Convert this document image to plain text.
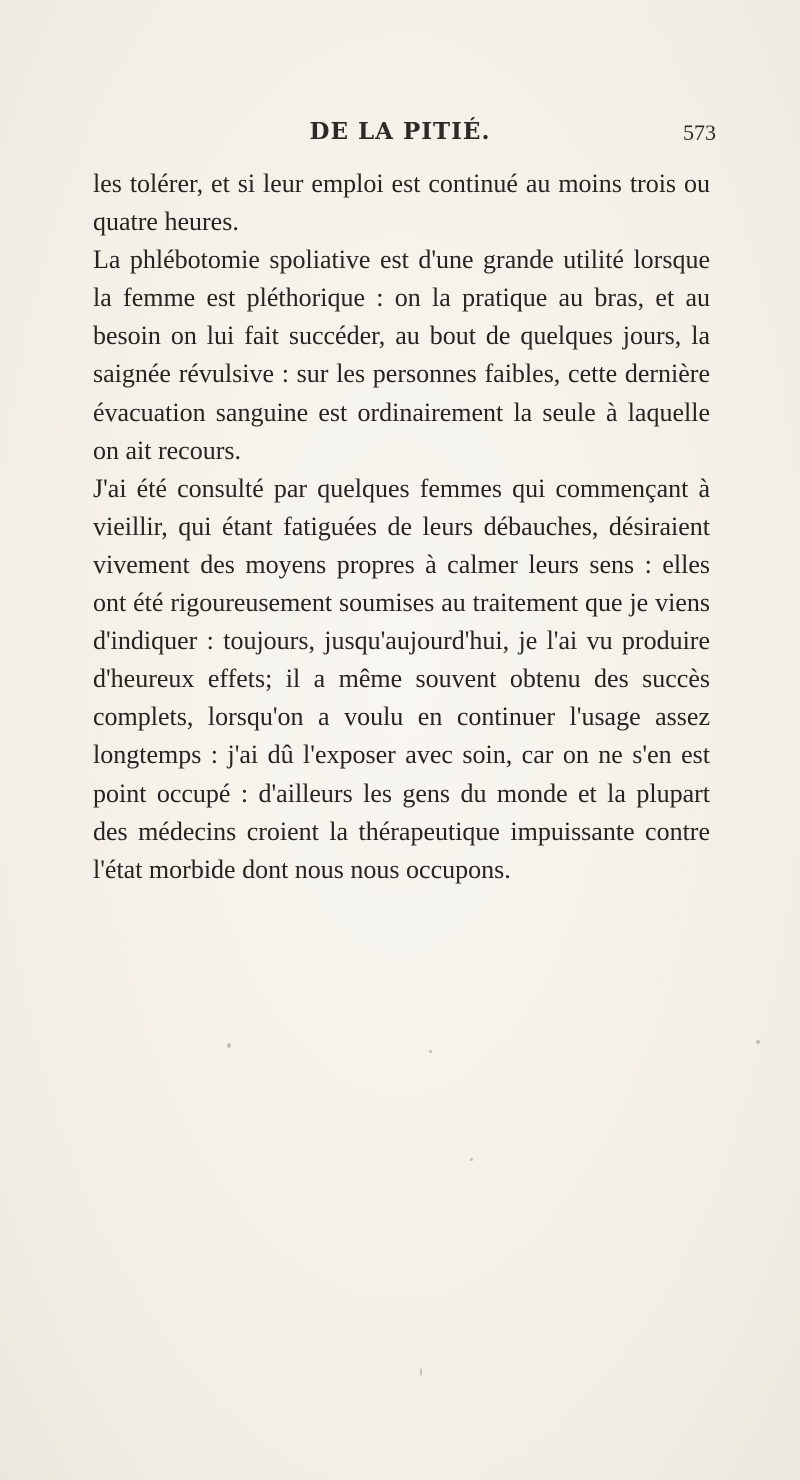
DE LA PITIÉ.	573

les tolérer, et si leur emploi est continué au moins trois ou quatre heures.

La phlébotomie spoliative est d'une grande utilité lorsque la femme est pléthorique : on la pratique au bras, et au besoin on lui fait succéder, au bout de quelques jours, la saignée révulsive : sur les personnes faibles, cette dernière évacuation sanguine est ordinairement la seule à laquelle on ait recours.

J'ai été consulté par quelques femmes qui commençant à vieillir, qui étant fatiguées de leurs débauches, désiraient vivement des moyens propres à calmer leurs sens : elles ont été rigoureusement soumises au traitement que je viens d'indiquer : toujours, jusqu'aujourd'hui, je l'ai vu produire d'heureux effets; il a même souvent obtenu des succès complets, lorsqu'on a voulu en continuer l'usage assez longtemps : j'ai dû l'exposer avec soin, car on ne s'en est point occupé : d'ailleurs les gens du monde et la plupart des médecins croient la thérapeutique impuissante contre l'état morbide dont nous nous occupons.
